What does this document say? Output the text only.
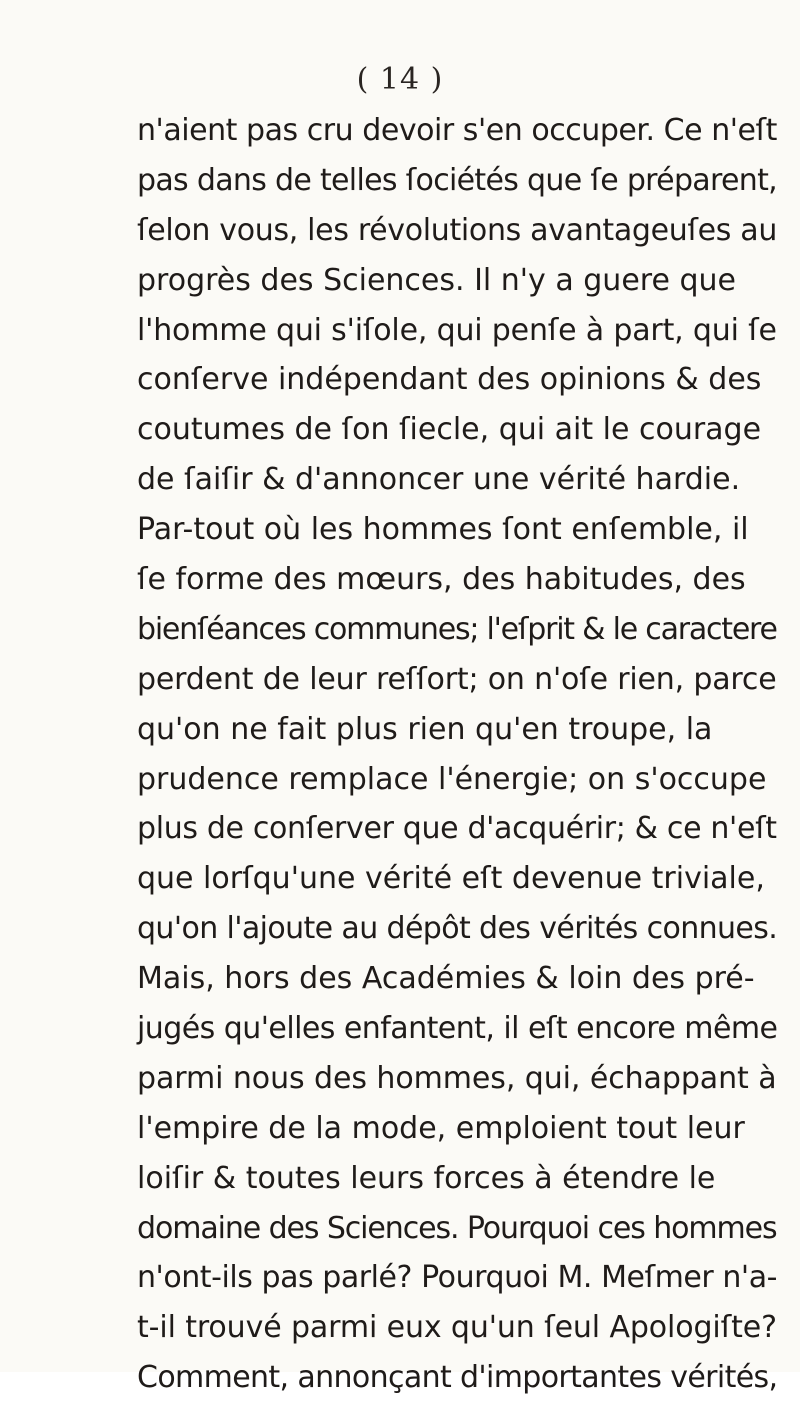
( 14 )
n'aient pas cru devoir s'en occuper. Ce n'eſt
pas dans de telles ſociétés que ſe préparent,
ſelon vous, les révolutions avantageuſes au
progrès des Sciences. Il n'y a guere que
l'homme qui s'iſole, qui penſe à part, qui ſe
conſerve indépendant des opinions & des
coutumes de ſon ſiecle, qui ait le courage
de ſaiſir & d'annoncer une vérité hardie.
Par-tout où les hommes ſont enſemble, il
ſe forme des mœurs, des habitudes, des
bienſéances communes; l'eſprit & le caractere
perdent de leur reſſort; on n'oſe rien, parce
qu'on ne fait plus rien qu'en troupe, la
prudence remplace l'énergie; on s'occupe
plus de conſerver que d'acquérir; & ce n'eſt
que lorſqu'une vérité eſt devenue triviale,
qu'on l'ajoute au dépôt des vérités connues.
Mais, hors des Académies & loin des pré-
jugés qu'elles enfantent, il eſt encore même
parmi nous des hommes, qui, échappant à
l'empire de la mode, emploient tout leur
loiſir & toutes leurs forces à étendre le
domaine des Sciences. Pourquoi ces hommes
n'ont-ils pas parlé? Pourquoi M. Meſmer n'a-
t-il trouvé parmi eux qu'un ſeul Apologiſte?
Comment, annonçant d'importantes vérités,
